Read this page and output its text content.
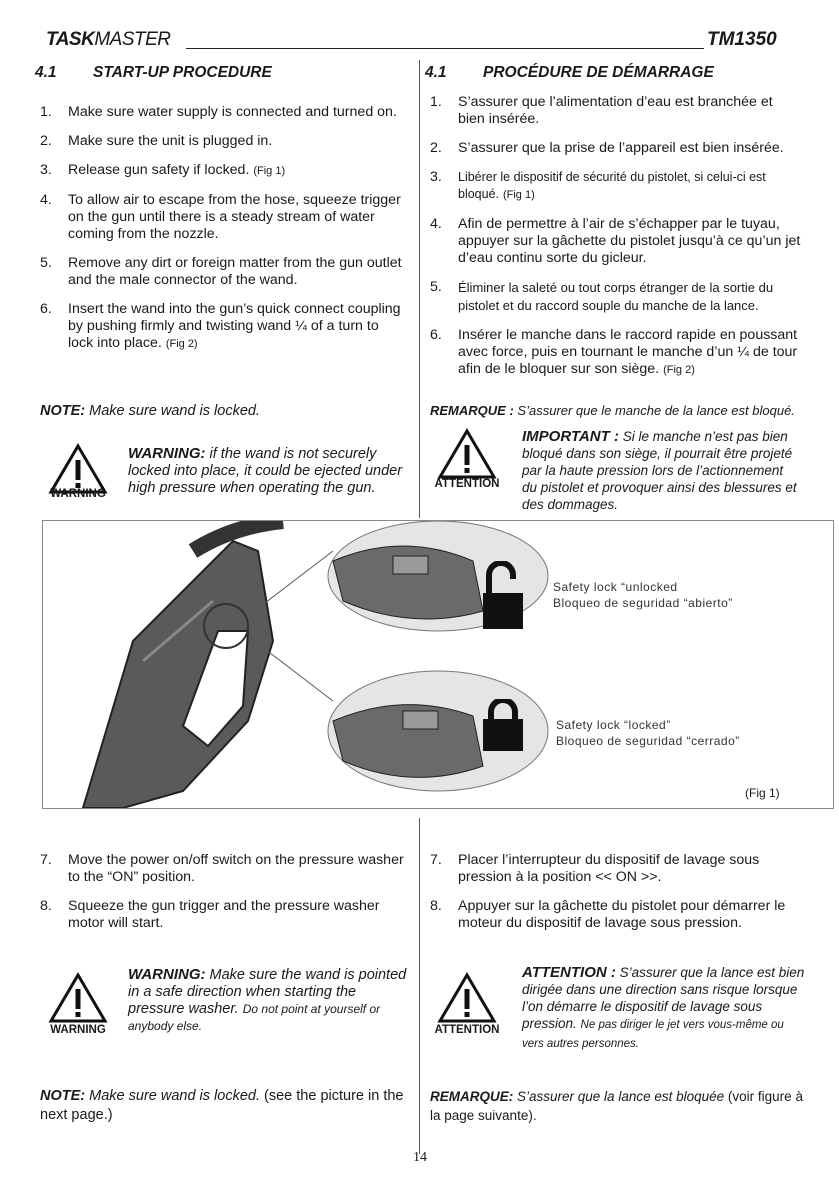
TASKMASTER	TM1350
4.1 START-UP PROCEDURE
1. Make sure water supply is connected and turned on.
2. Make sure the unit is plugged in.
3. Release gun safety if locked. (Fig 1)
4. To allow air to escape from the hose, squeeze trigger on the gun until there is a steady stream of water coming from the nozzle.
5. Remove any dirt or foreign matter from the gun outlet and the male connector of the wand.
6. Insert the wand into the gun’s quick connect coupling by pushing firmly and twisting wand ¼ of a turn to lock into place. (Fig 2)
NOTE: Make sure wand is locked.
WARNING
WARNING: if the wand is not securely locked into place, it could be ejected under high pressure when operating the gun.
4.1 PROCÉDURE DE DÉMARRAGE
1. S’assurer que l’alimentation d’eau est branchée et bien insérée.
2. S’assurer que la prise de l’appareil est bien insérée.
3. Libérer le dispositif de sécurité du pistolet, si celui-ci est bloqué. (Fig 1)
4. Afin de permettre à l’air de s’échapper par le tuyau, appuyer sur la gâchette du pistolet jusqu’à ce qu’un jet d’eau continu sorte du gicleur.
5. Éliminer la saleté ou tout corps étranger de la sortie du pistolet et du raccord souple du manche de la lance.
6. Insérer le manche dans le raccord rapide en poussant avec force, puis en tournant le manche d’un ¼ de tour afin de le bloquer sur son siège. (Fig 2)
REMARQUE : S’assurer que le manche de la lance est bloqué.
ATTENTION
IMPORTANT : Si le manche n’est pas bien bloqué dans son siège, il pourrait être projeté par la haute pression lors de l’actionnement du pistolet et provoquer ainsi des blessures et des dommages.
Safety lock “unlocked
Bloqueo de seguridad “abierto”
Safety lock “locked”
Bloqueo de seguridad “cerrado”
(Fig 1)
7. Move the power on/off switch on the pressure washer to the “ON” position.
8. Squeeze the gun trigger and the pressure washer motor will start.
WARNING
WARNING: Make sure the wand is pointed in a safe direction when starting the pressure washer. Do not point at yourself or anybody else.
NOTE: Make sure wand is locked. (see the picture in the next page.)
7. Placer l’interrupteur du dispositif de lavage sous pression à la position << ON >>.
8. Appuyer sur la gâchette du pistolet pour démarrer le moteur du dispositif de lavage sous pression.
ATTENTION
ATTENTION : S’assurer que la lance est bien dirigée dans une direction sans risque lorsque l’on démarre le dispositif de lavage sous pression. Ne pas diriger le jet vers vous-même ou vers autres personnes.
REMARQUE: S’assurer que la lance est bloquée (voir figure à la page suivante).
14
